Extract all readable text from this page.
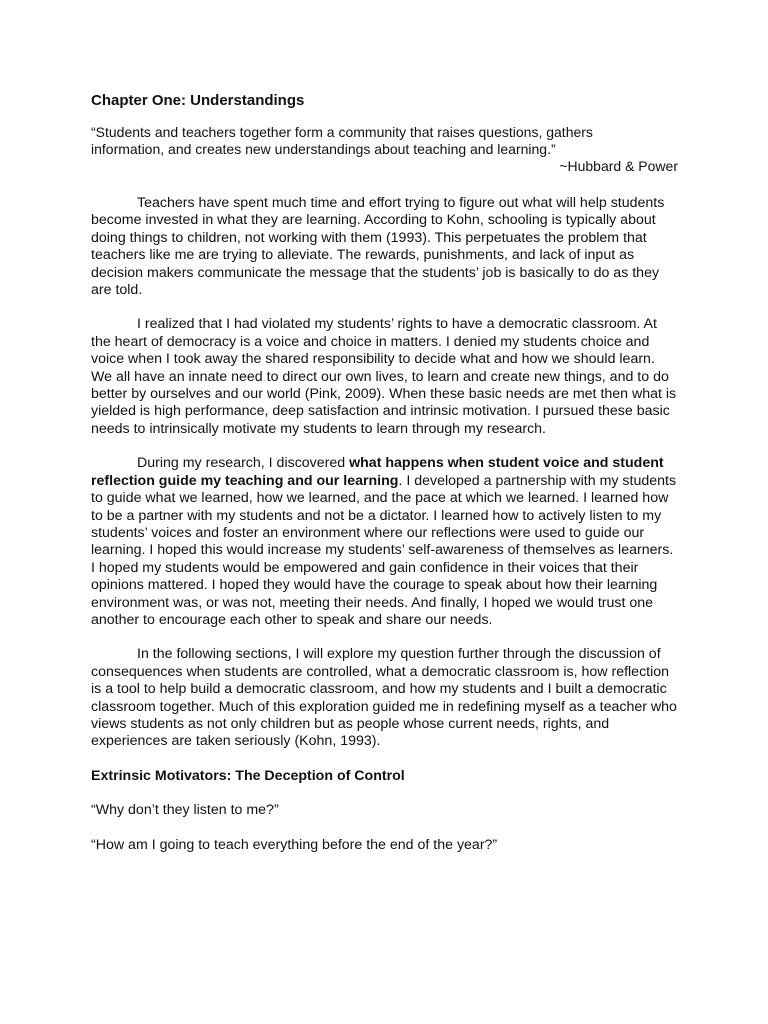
Chapter One: Understandings

“Students and teachers together form a community that raises questions, gathers

information, and creates new understandings about teaching and learning.”

~Hubbard & Power

Teachers have spent much time and effort trying to figure out what will help students become invested in what they are learning. According to Kohn, schooling is typically about doing things to children, not working with them (1993). This perpetuates the problem that teachers like me are trying to alleviate. The rewards, punishments, and lack of input as decision makers communicate the message that the students’ job is basically to do as they are told.

I realized that I had violated my students’ rights to have a democratic classroom. At the heart of democracy is a voice and choice in matters. I denied my students choice and voice when I took away the shared responsibility to decide what and how we should learn. We all have an innate need to direct our own lives, to learn and create new things, and to do better by ourselves and our world (Pink, 2009). When these basic needs are met then what is yielded is high performance, deep satisfaction and intrinsic motivation. I pursued these basic needs to intrinsically motivate my students to learn through my research.

During my research, I discovered what happens when student voice and student reflection guide my teaching and our learning. I developed a partnership with my students to guide what we learned, how we learned, and the pace at which we learned. I learned how to be a partner with my students and not be a dictator. I learned how to actively listen to my students’ voices and foster an environment where our reflections were used to guide our learning. I hoped this would increase my students’ self-awareness of themselves as learners. I hoped my students would be empowered and gain confidence in their voices that their opinions mattered. I hoped they would have the courage to speak about how their learning environment was, or was not, meeting their needs. And finally, I hoped we would trust one another to encourage each other to speak and share our needs.

In the following sections, I will explore my question further through the discussion of consequences when students are controlled, what a democratic classroom is, how reflection is a tool to help build a democratic classroom, and how my students and I built a democratic classroom together. Much of this exploration guided me in redefining myself as a teacher who views students as not only children but as people whose current needs, rights, and experiences are taken seriously (Kohn, 1993).

Extrinsic Motivators: The Deception of Control

“Why don’t they listen to me?”

“How am I going to teach everything before the end of the year?”
